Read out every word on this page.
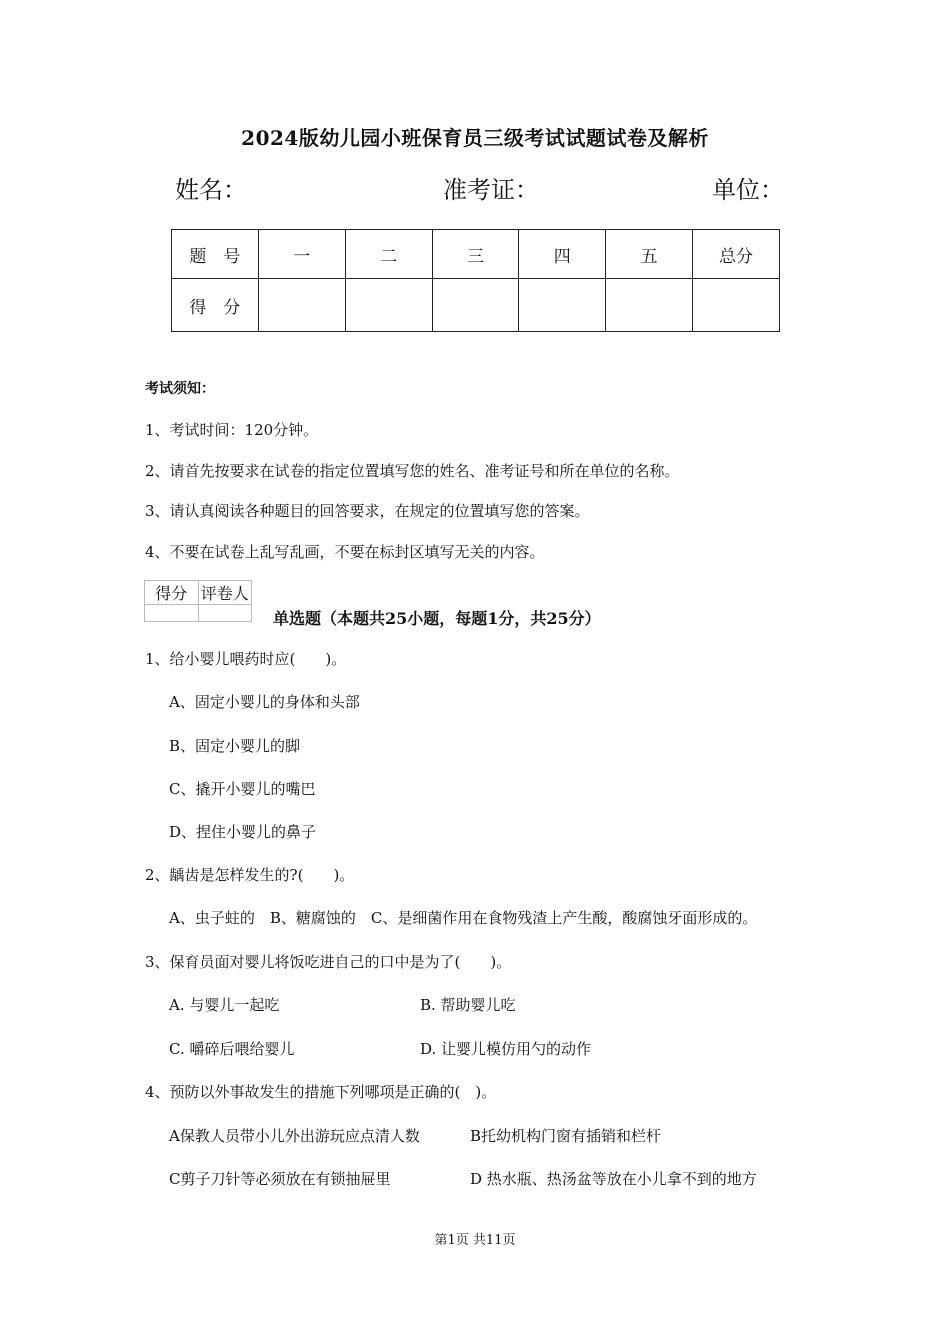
2024版幼儿园小班保育员三级考试试题试卷及解析
姓名：	准考证：	单位：
题　号	一	二	三	四	五	总分
得　分						
考试须知：
1、考试时间：120分钟。
2、请首先按要求在试卷的指定位置填写您的姓名、准考证号和所在单位的名称。
3、请认真阅读各种题目的回答要求，在规定的位置填写您的答案。
4、不要在试卷上乱写乱画，不要在标封区填写无关的内容。
得分	评卷人

单选题（本题共25小题，每题1分，共25分）
1、给小婴儿喂药时应(　　)。
A、固定小婴儿的身体和头部
B、固定小婴儿的脚
C、撬开小婴儿的嘴巴
D、捏住小婴儿的鼻子
2、龋齿是怎样发生的?(　　)。
A、虫子蛀的　B、糖腐蚀的　C、是细菌作用在食物残渣上产生酸，酸腐蚀牙面形成的。
3、保育员面对婴儿将饭吃进自己的口中是为了(　　)。
A. 与婴儿一起吃	B. 帮助婴儿吃
C. 嚼碎后喂给婴儿	D. 让婴儿模仿用勺的动作
4、预防以外事故发生的措施下列哪项是正确的(　)。
A保教人员带小儿外出游玩应点清人数	B托幼机构门窗有插销和栏杆
C剪子刀针等必须放在有锁抽屉里	D 热水瓶、热汤盆等放在小儿拿不到的地方
第1页 共11页
